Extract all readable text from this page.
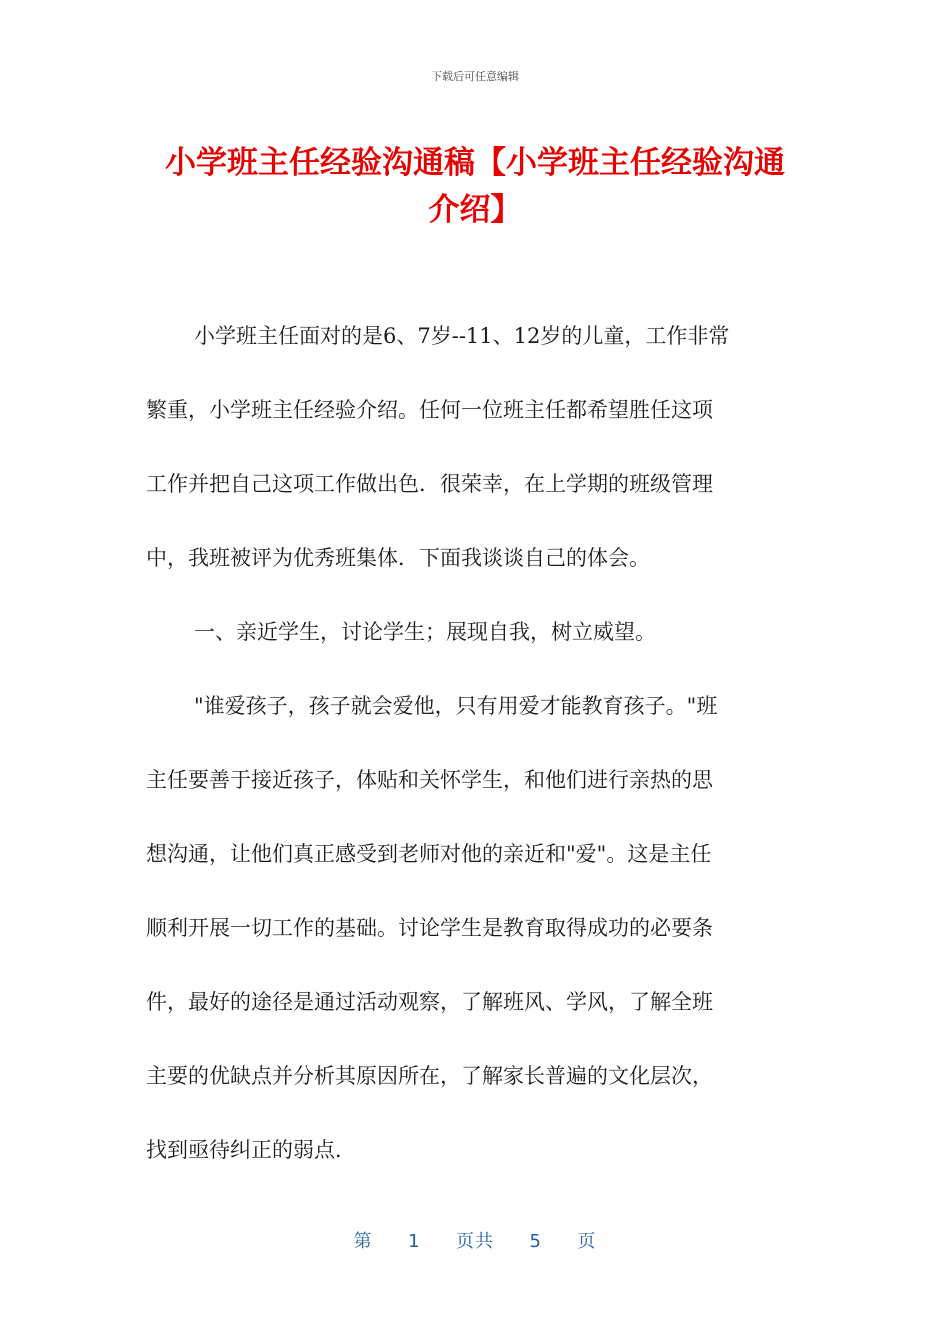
下载后可任意编辑
小学班主任经验沟通稿【小学班主任经验沟通介绍】
小学班主任面对的是6、7岁--11、12岁的儿童，工作非常
繁重，小学班主任经验介绍。任何一位班主任都希望胜任这项
工作并把自己这项工作做出色．很荣幸，在上学期的班级管理
中，我班被评为优秀班集体．下面我谈谈自己的体会。
一、亲近学生，讨论学生；展现自我，树立威望。
"谁爱孩子，孩子就会爱他，只有用爱才能教育孩子。"班
主任要善于接近孩子，体贴和关怀学生，和他们进行亲热的思
想沟通，让他们真正感受到老师对他的亲近和"爱"。这是主任
顺利开展一切工作的基础。讨论学生是教育取得成功的必要条
件，最好的途径是通过活动观察，了解班风、学风，了解全班
主要的优缺点并分析其原因所在，了解家长普遍的文化层次，
找到亟待纠正的弱点．
第 1 页共 5 页
